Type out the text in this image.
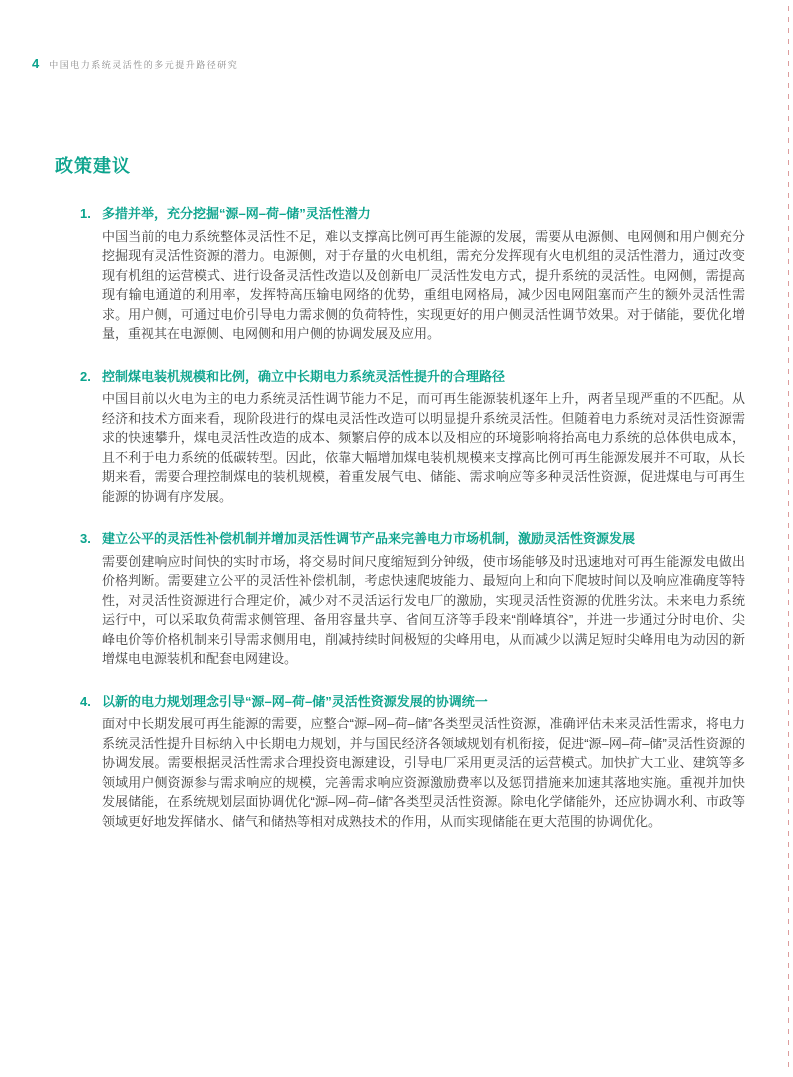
4 中国电力系统灵活性的多元提升路径研究
政策建议
1. 多措并举，充分挖掘“源–网–荷–储”灵活性潜力

中国当前的电力系统整体灵活性不足，难以支撑高比例可再生能源的发展，需要从电源侧、电网侧和用户侧充分挖掘现有灵活性资源的潜力。电源侧，对于存量的火电机组，需充分发挥现有火电机组的灵活性潜力，通过改变现有机组的运营模式、进行设备灵活性改造以及创新电厂灵活性发电方式，提升系统的灵活性。电网侧，需提高现有输电通道的利用率，发挥特高压输电网络的优势，重组电网格局，减少因电网阻塞而产生的额外灵活性需求。用户侧，可通过电价引导电力需求侧的负荷特性，实现更好的用户侧灵活性调节效果。对于储能，要优化增量，重视其在电源侧、电网侧和用户侧的协调发展及应用。

2. 控制煤电装机规模和比例，确立中长期电力系统灵活性提升的合理路径

中国目前以火电为主的电力系统灵活性调节能力不足，而可再生能源装机逐年上升，两者呈现严重的不匹配。从经济和技术方面来看，现阶段进行的煤电灵活性改造可以明显提升系统灵活性。但随着电力系统对灵活性资源需求的快速攀升，煤电灵活性改造的成本、频繁启停的成本以及相应的环境影响将抬高电力系统的总体供电成本，且不利于电力系统的低碳转型。因此，依靠大幅增加煤电装机规模来支撑高比例可再生能源发展并不可取，从长期来看，需要合理控制煤电的装机规模，着重发展气电、储能、需求响应等多种灵活性资源，促进煤电与可再生能源的协调有序发展。

3. 建立公平的灵活性补偿机制并增加灵活性调节产品来完善电力市场机制，激励灵活性资源发展

需要创建响应时间快的实时市场，将交易时间尺度缩短到分钟级，使市场能够及时迅速地对可再生能源发电做出价格判断。需要建立公平的灵活性补偿机制，考虑快速爬坡能力、最短向上和向下爬坡时间以及响应准确度等特性，对灵活性资源进行合理定价，减少对不灵活运行发电厂的激励，实现灵活性资源的优胜劣汰。未来电力系统运行中，可以采取负荷需求侧管理、备用容量共享、省间互济等手段来“削峰填谷”，并进一步通过分时电价、尖峰电价等价格机制来引导需求侧用电，削减持续时间极短的尖峰用电，从而减少以满足短时尖峰用电为动因的新增煤电电源装机和配套电网建设。

4. 以新的电力规划理念引导“源–网–荷–储”灵活性资源发展的协调统一

面对中长期发展可再生能源的需要，应整合“源–网–荷–储”各类型灵活性资源，准确评估未来灵活性需求，将电力系统灵活性提升目标纳入中长期电力规划，并与国民经济各领域规划有机衔接，促进“源–网–荷–储”灵活性资源的协调发展。需要根据灵活性需求合理投资电源建设，引导电厂采用更灵活的运营模式。加快扩大工业、建筑等多领域用户侧资源参与需求响应的规模，完善需求响应资源激励费率以及惩罚措施来加速其落地实施。重视并加快发展储能，在系统规划层面协调优化“源–网–荷–储”各类型灵活性资源。除电化学储能外，还应协调水利、市政等领域更好地发挥储水、储气和储热等相对成熟技术的作用，从而实现储能在更大范围的协调优化。
